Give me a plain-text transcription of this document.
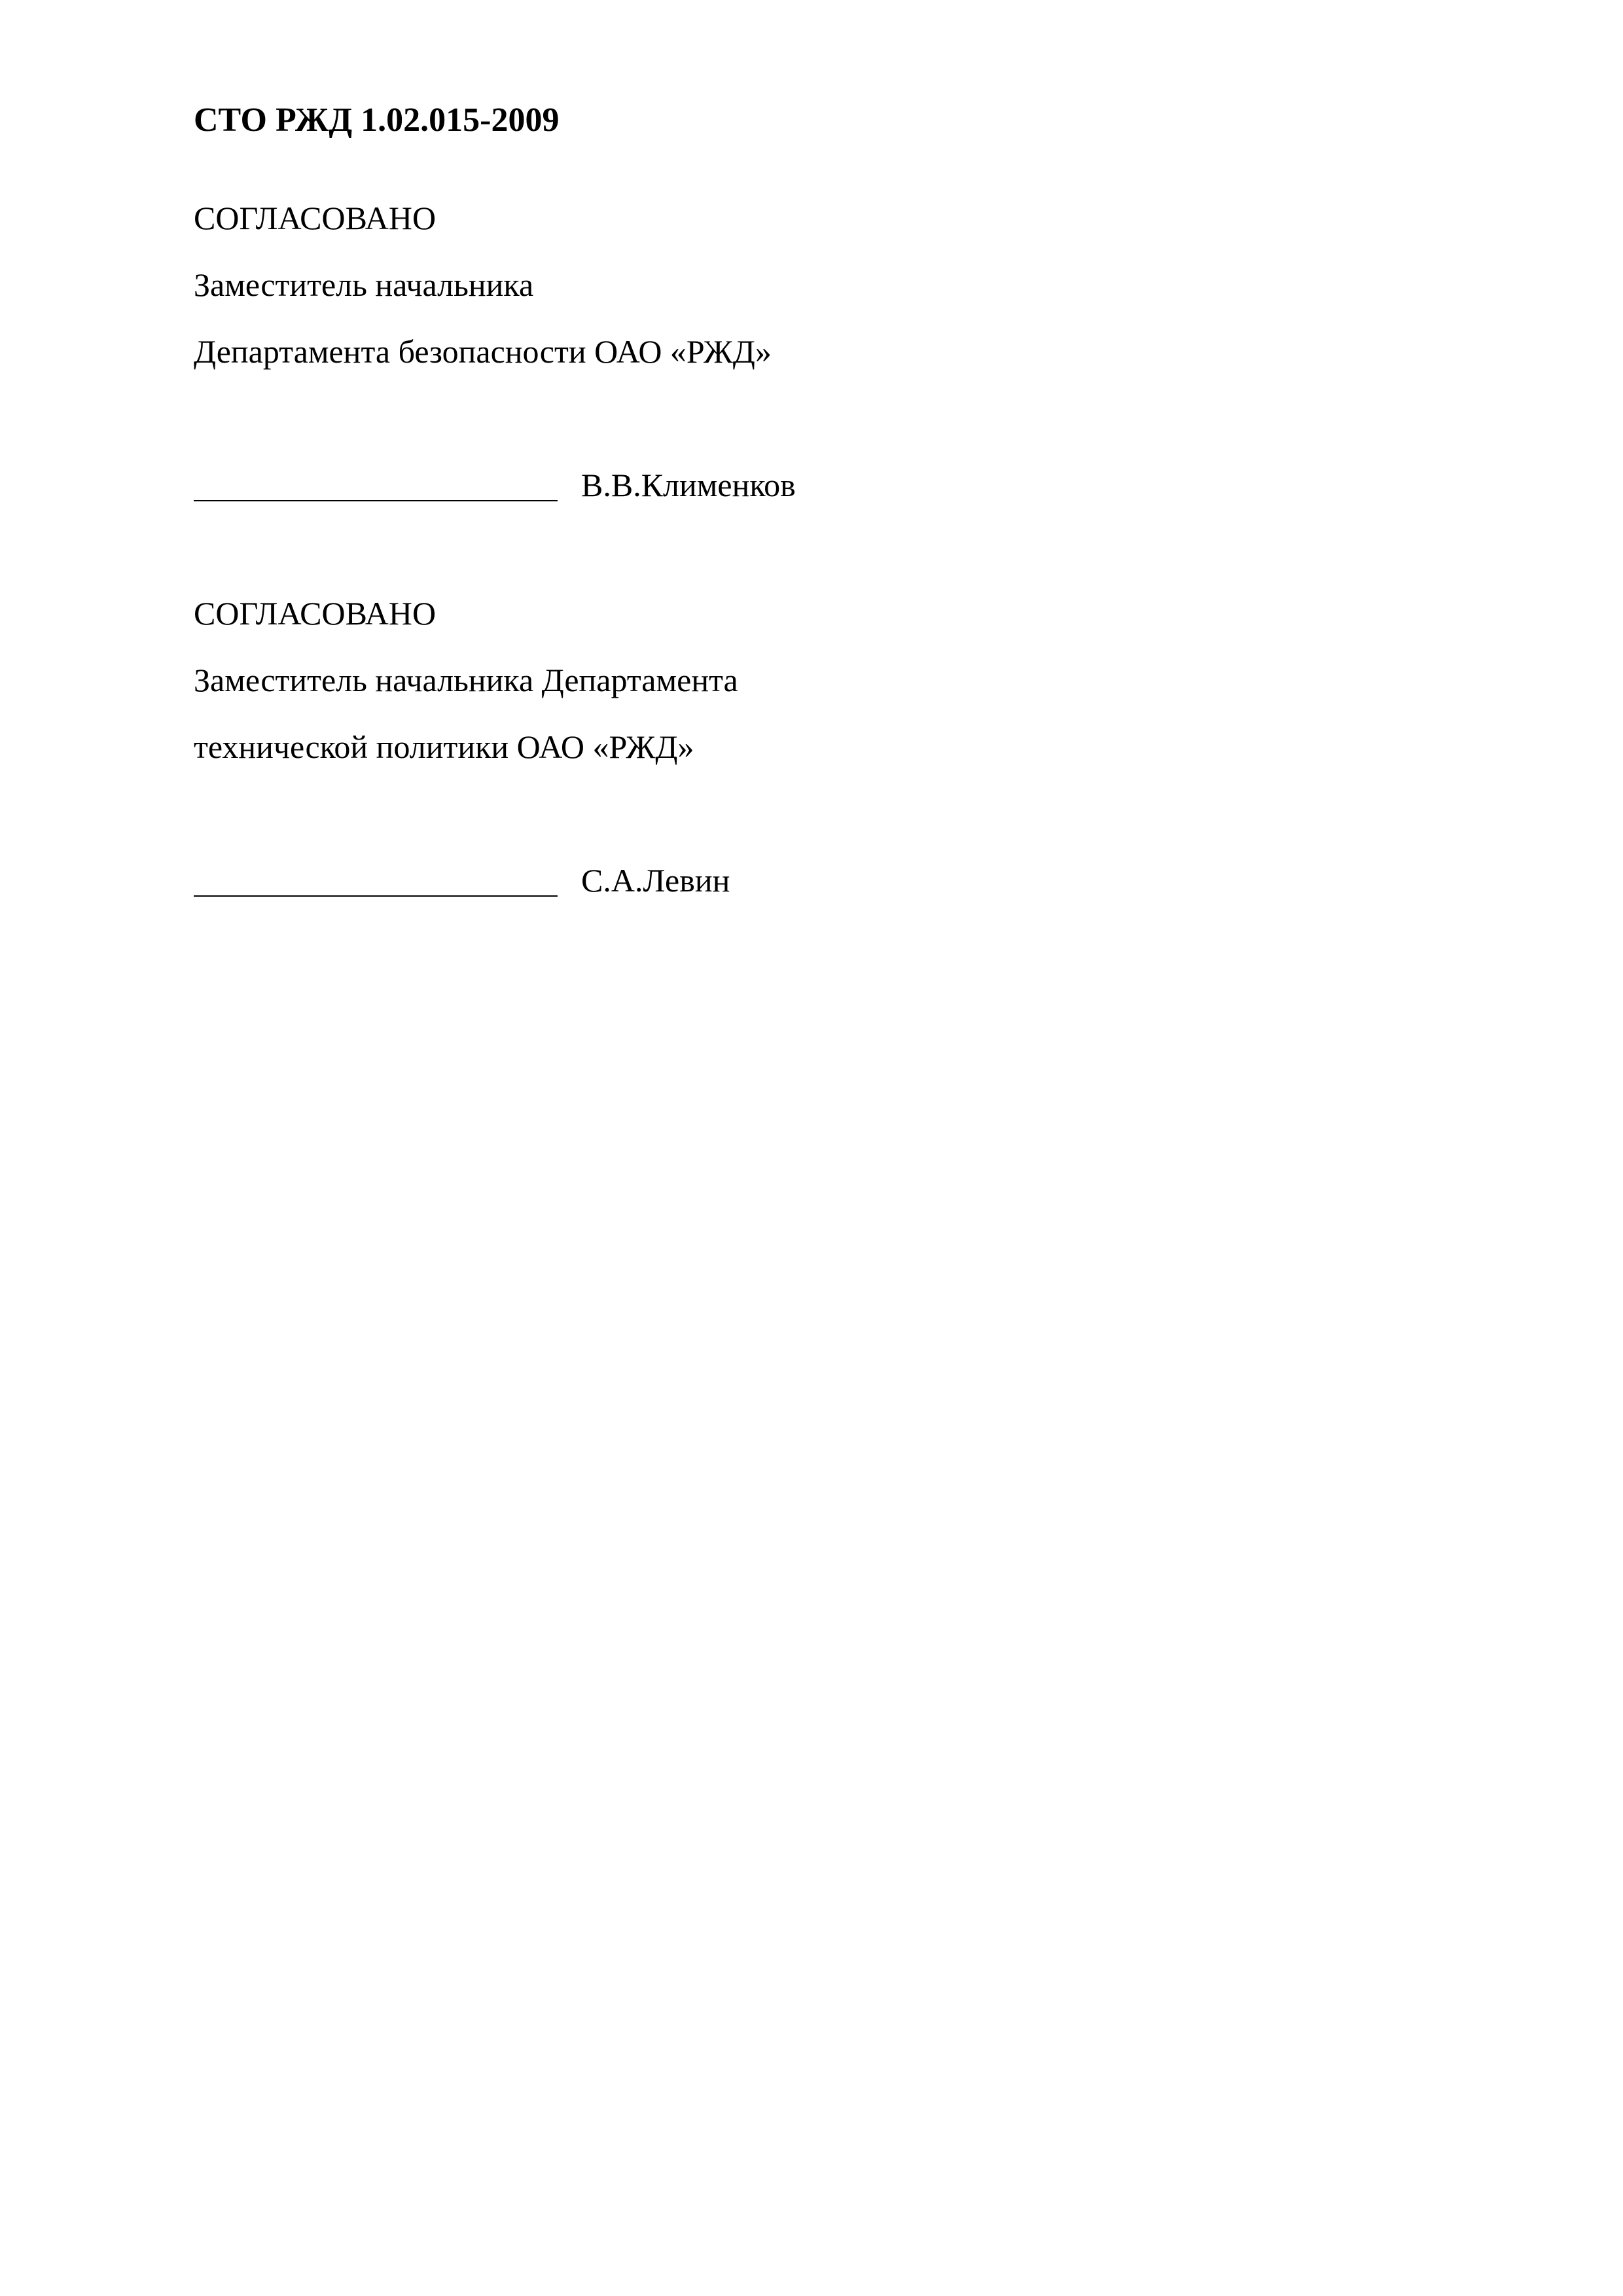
СТО РЖД 1.02.015-2009
СОГЛАСОВАНО
Заместитель начальника
Департамента безопасности ОАО «РЖД»
В.В.Клименков
СОГЛАСОВАНО
Заместитель начальника Департамента
технической политики ОАО «РЖД»
С.А.Левин
